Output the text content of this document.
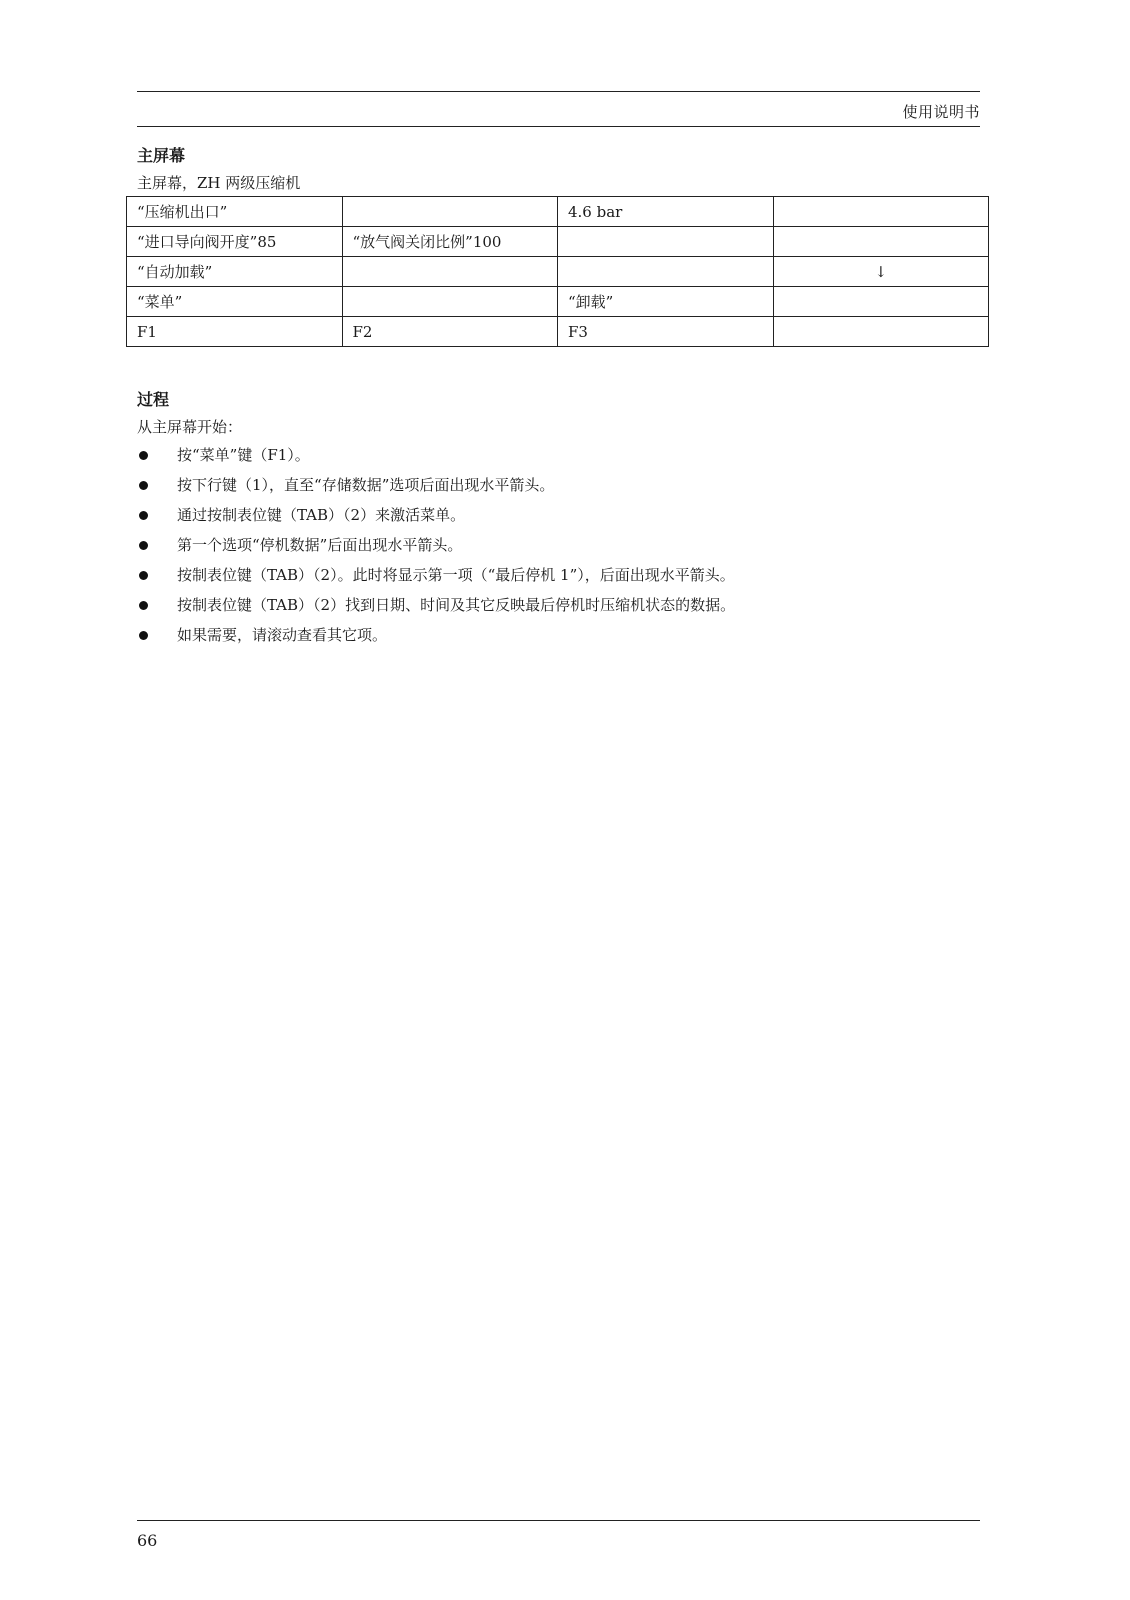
使用说明书
主屏幕
主屏幕，ZH 两级压缩机
“压缩机出口”		4.6 bar	
“进口导向阀开度”85	“放气阀关闭比例”100		
“自动加载”			↓
“菜单”		“卸载”	
F1	F2	F3	
过程
从主屏幕开始：
按“菜单”键（F1）。
按下行键（1），直至“存储数据”选项后面出现水平箭头。
通过按制表位键（TAB）（2）来激活菜单。
第一个选项“停机数据”后面出现水平箭头。
按制表位键（TAB）（2）。此时将显示第一项（“最后停机 1”），后面出现水平箭头。
按制表位键（TAB）（2）找到日期、时间及其它反映最后停机时压缩机状态的数据。
如果需要，请滚动查看其它项。
66
